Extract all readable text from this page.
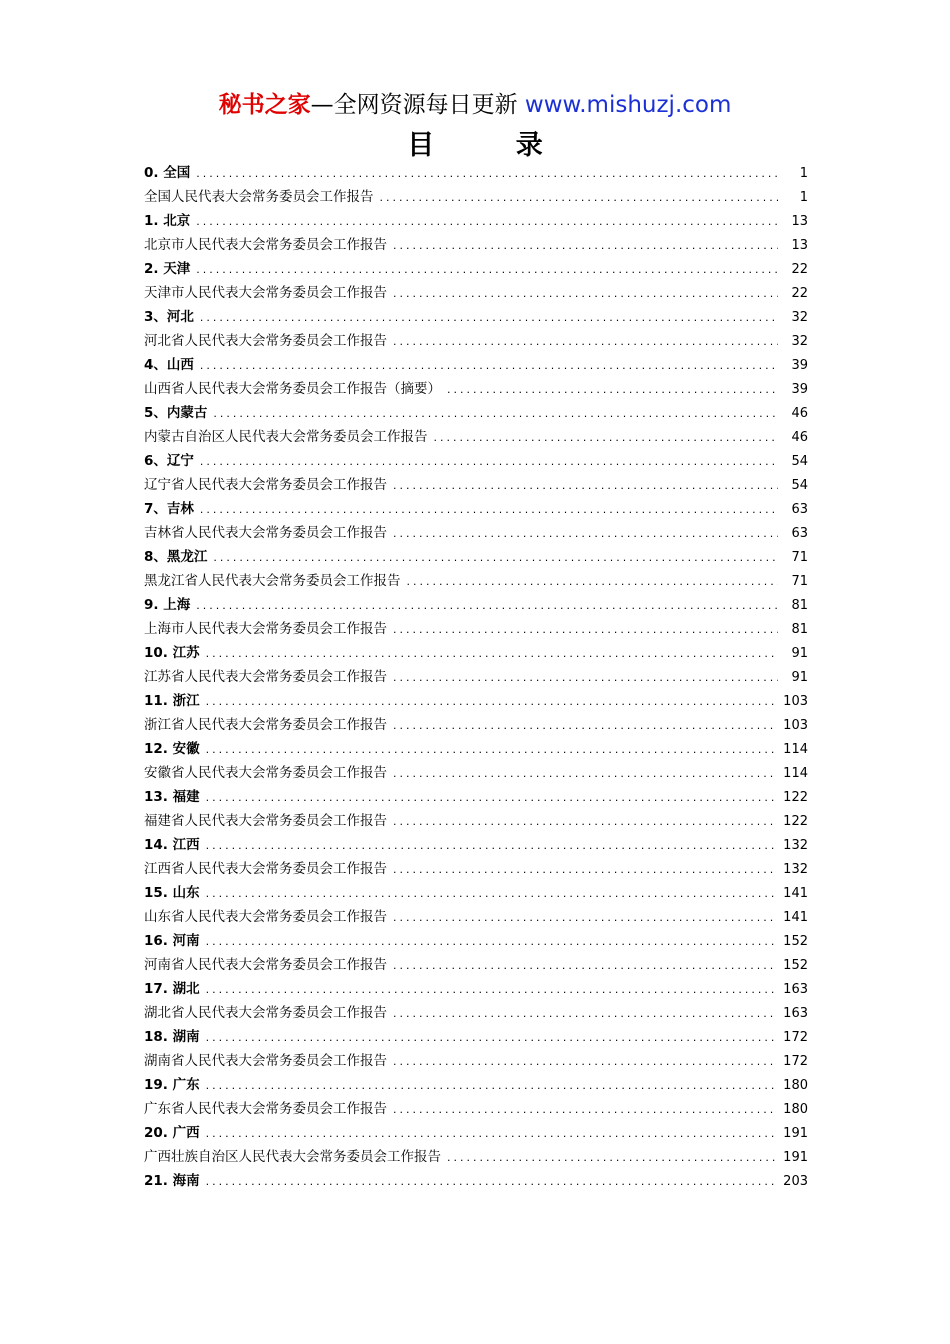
秘书之家—全网资源每日更新 www.mishuzj.com
目 录
0. 全国 .....	1
全国人民代表大会常务委员会工作报告 .....	1
1. 北京 .....	13
北京市人民代表大会常务委员会工作报告 .....	13
2. 天津 .....	22
天津市人民代表大会常务委员会工作报告 .....	22
3、河北 .....	32
河北省人民代表大会常务委员会工作报告 .....	32
4、山西 .....	39
山西省人民代表大会常务委员会工作报告（摘要） .....	39
5、内蒙古 .....	46
内蒙古自治区人民代表大会常务委员会工作报告 .....	46
6、辽宁 .....	54
辽宁省人民代表大会常务委员会工作报告 .....	54
7、吉林 .....	63
吉林省人民代表大会常务委员会工作报告 .....	63
8、黑龙江 .....	71
黑龙江省人民代表大会常务委员会工作报告 .....	71
9. 上海 .....	81
上海市人民代表大会常务委员会工作报告 .....	81
10. 江苏 .....	91
江苏省人民代表大会常务委员会工作报告 .....	91
11. 浙江 .....	103
浙江省人民代表大会常务委员会工作报告 .....	103
12. 安徽 .....	114
安徽省人民代表大会常务委员会工作报告 .....	114
13. 福建 .....	122
福建省人民代表大会常务委员会工作报告 .....	122
14. 江西 .....	132
江西省人民代表大会常务委员会工作报告 .....	132
15. 山东 .....	141
山东省人民代表大会常务委员会工作报告 .....	141
16. 河南 .....	152
河南省人民代表大会常务委员会工作报告 .....	152
17. 湖北 .....	163
湖北省人民代表大会常务委员会工作报告 .....	163
18. 湖南 .....	172
湖南省人民代表大会常务委员会工作报告 .....	172
19. 广东 .....	180
广东省人民代表大会常务委员会工作报告 .....	180
20. 广西 .....	191
广西壮族自治区人民代表大会常务委员会工作报告 .....	191
21. 海南 .....	203
